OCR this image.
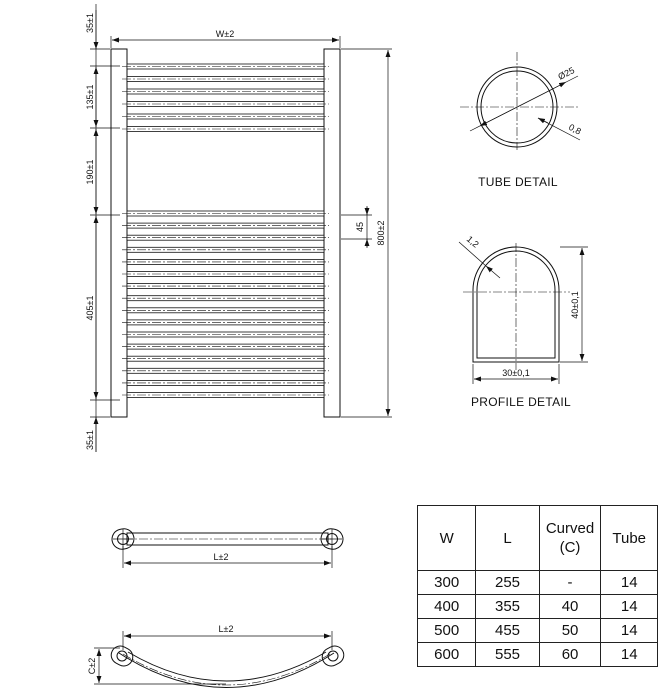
W±2
800±2
45
35±1
135±1
190±1
405±1
35±1
Ø25
0,8
TUBE DETAIL
1,2
40±0,1
30±0,1
PROFILE DETAIL
L±2
L±2
C±2
W	L	Curved (C)	Tube
300	255	-	14
400	355	40	14
500	455	50	14
600	555	60	14
